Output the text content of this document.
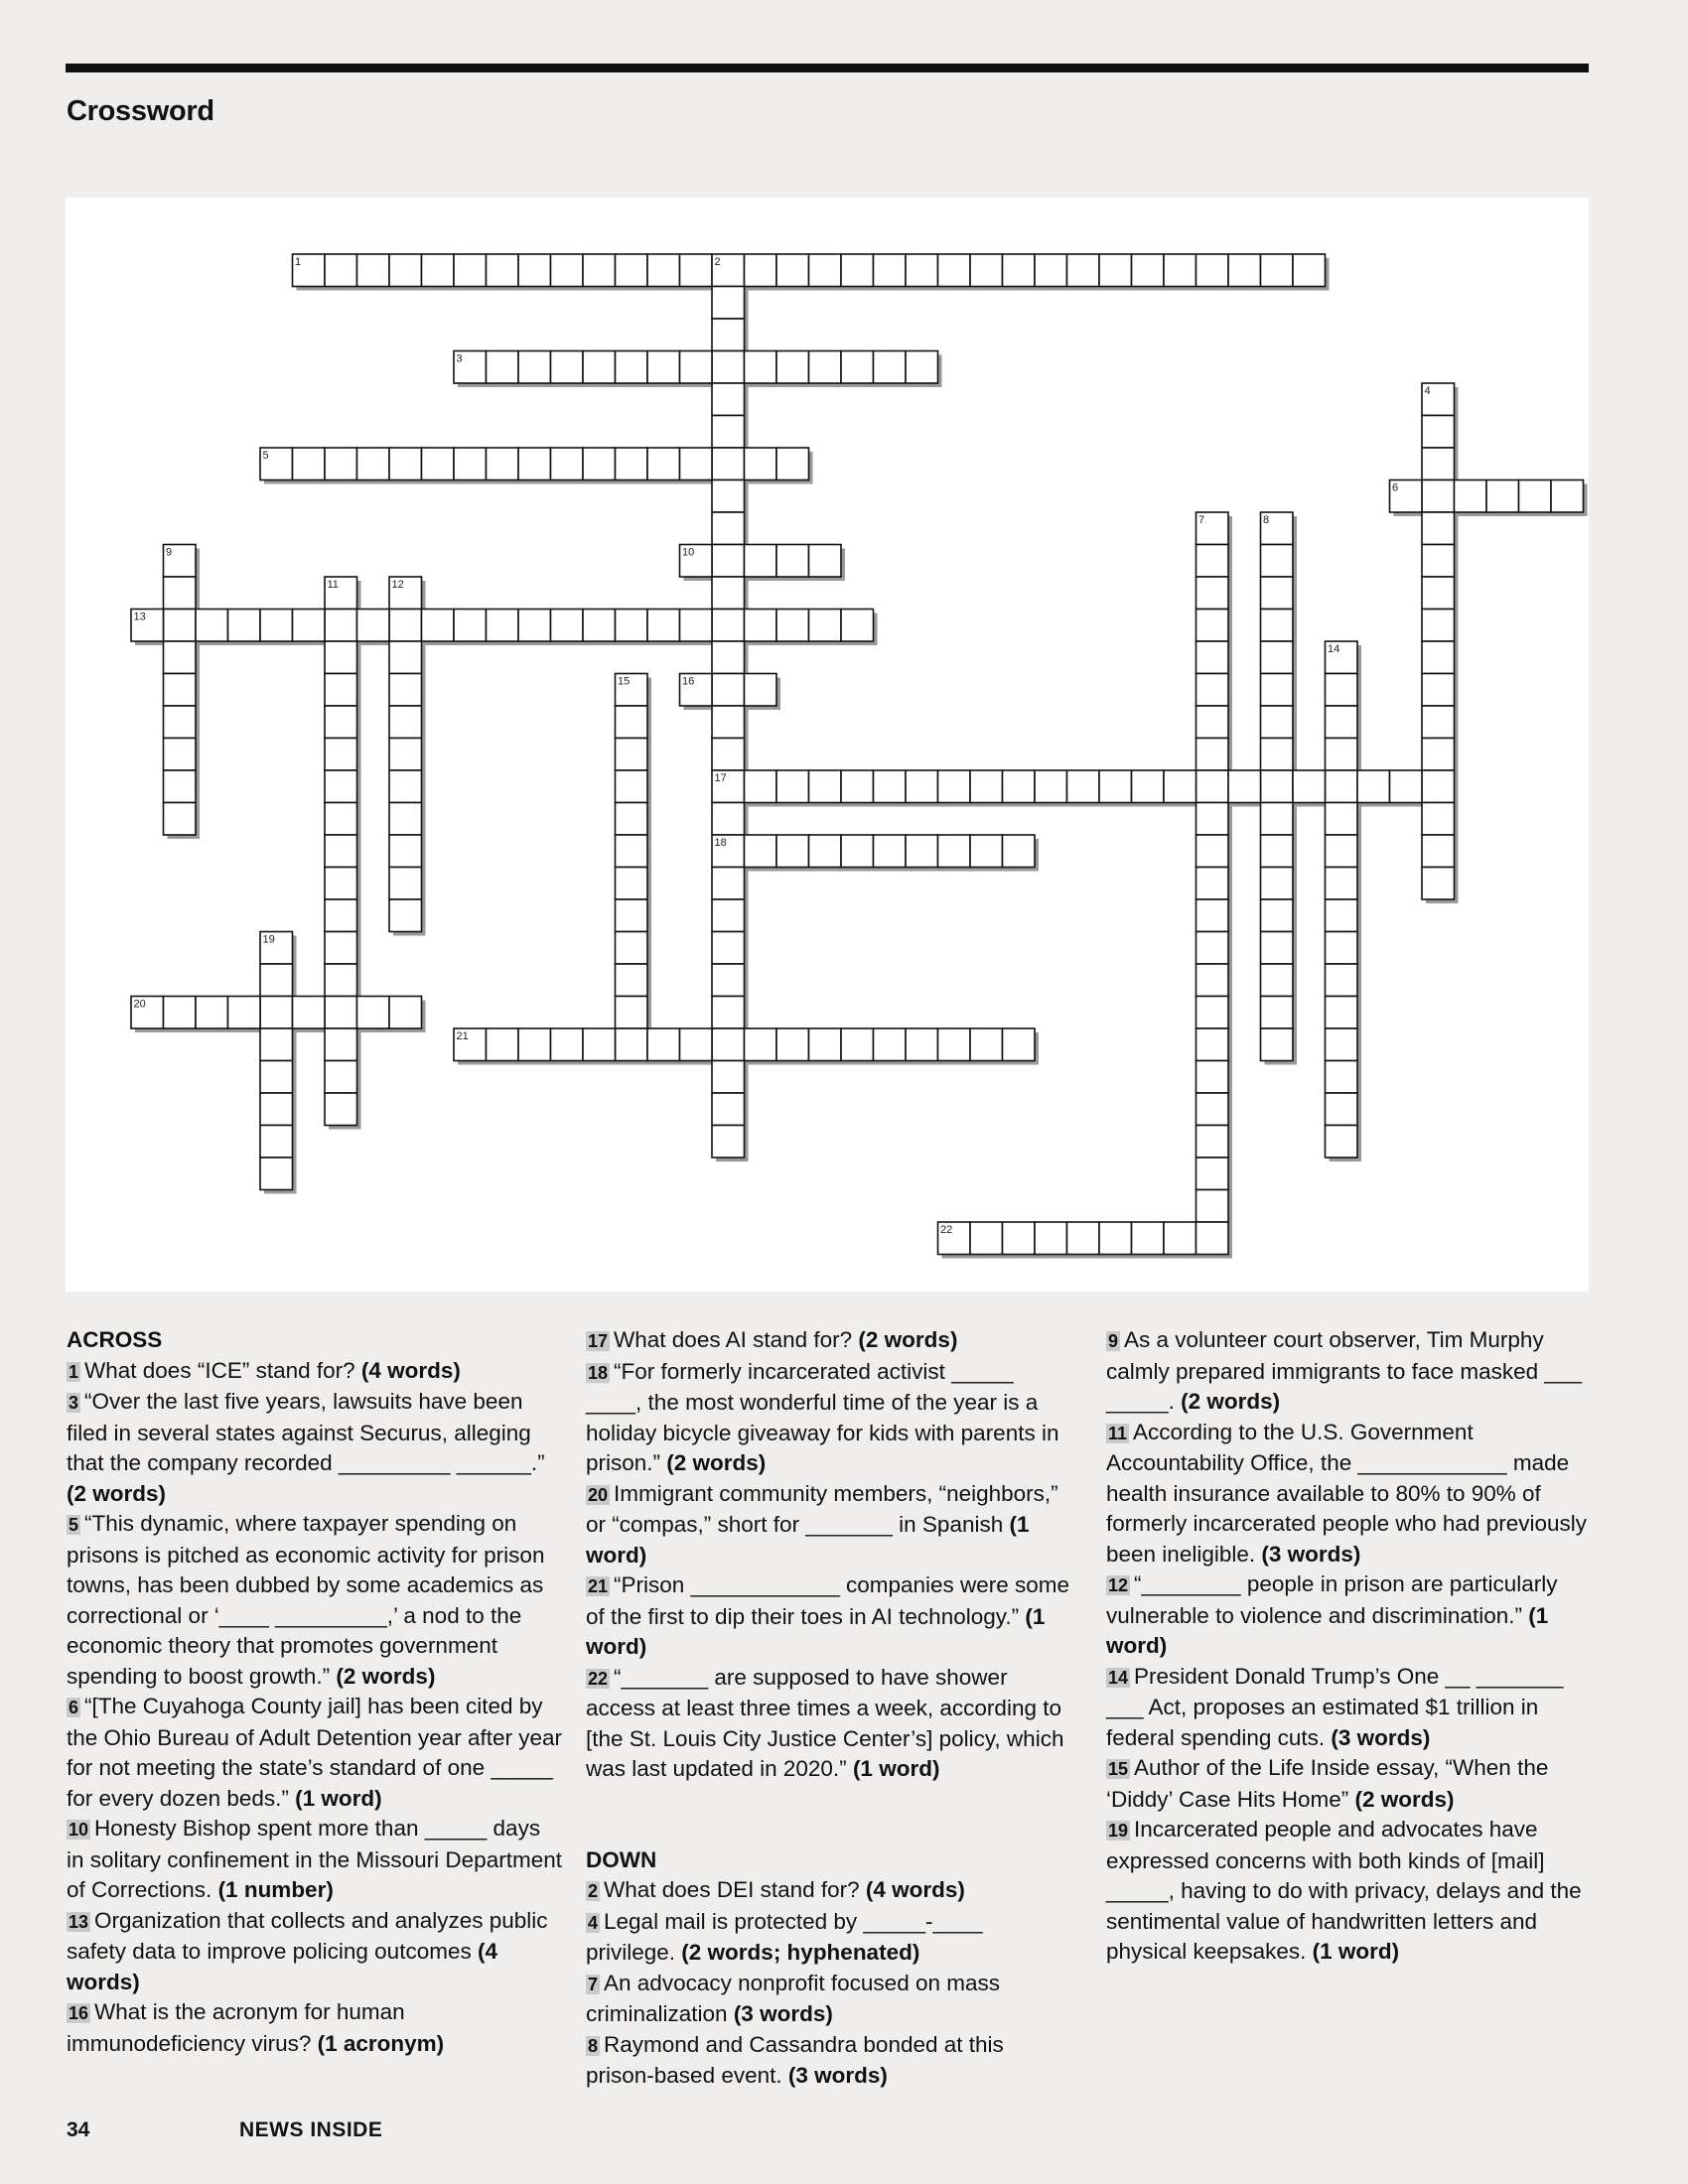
Crossword
1	2
3
4
5
6
7	8
9	10
11	12
13
14
15	16
17
18
19
20
21
22
ACROSS

1 What does “ICE” stand for? (4 words)

3 “Over the last five years, lawsuits have been filed in several states against Securus, alleging that the company recorded _________ ______.” (2 words)

5 “This dynamic, where taxpayer spending on prisons is pitched as economic activity for prison towns, has been dubbed by some academics as correctional or ‘____ _________,’ a nod to the economic theory that promotes government spending to boost growth.” (2 words)

6 “[The Cuyahoga County jail] has been cited by the Ohio Bureau of Adult Detention year after year for not meeting the state’s standard of one _____ for every dozen beds.” (1 word)

10 Honesty Bishop spent more than _____ days in solitary confinement in the Missouri Department of Corrections. (1 number)

13 Organization that collects and analyzes public safety data to improve policing outcomes (4 words)

16 What is the acronym for human immunodeficiency virus? (1 acronym)

17 What does AI stand for? (2 words)

18 “For formerly incarcerated activist _____ ____, the most wonderful time of the year is a holiday bicycle giveaway for kids with parents in prison.” (2 words)

20 Immigrant community members, “neighbors,” or “compas,” short for _______ in Spanish (1 word)

21 “Prison ____________ companies were some of the first to dip their toes in AI technology.” (1 word)

22 “_______ are supposed to have shower access at least three times a week, according to [the St. Louis City Justice Center’s] policy, which was last updated in 2020.” (1 word)

DOWN

2 What does DEI stand for? (4 words)

4 Legal mail is protected by _____-____ privilege. (2 words; hyphenated)

7 An advocacy nonprofit focused on mass criminalization (3 words)

8 Raymond and Cassandra bonded at this prison-based event. (3 words)

9 As a volunteer court observer, Tim Murphy calmly prepared immigrants to face masked ___ _____. (2 words)

11 According to the U.S. Government Accountability Office, the ____________ made health insurance available to 80% to 90% of formerly incarcerated people who had previously been ineligible. (3 words)

12 “________ people in prison are particularly vulnerable to violence and discrimination.” (1 word)

14 President Donald Trump’s One __ _______ ___ Act, proposes an estimated $1 trillion in federal spending cuts. (3 words)

15 Author of the Life Inside essay, “When the ‘Diddy’ Case Hits Home” (2 words)

19 Incarcerated people and advocates have expressed concerns with both kinds of [mail] _____, having to do with privacy, delays and the sentimental value of handwritten letters and physical keepsakes. (1 word)

34	NEWS INSIDE
